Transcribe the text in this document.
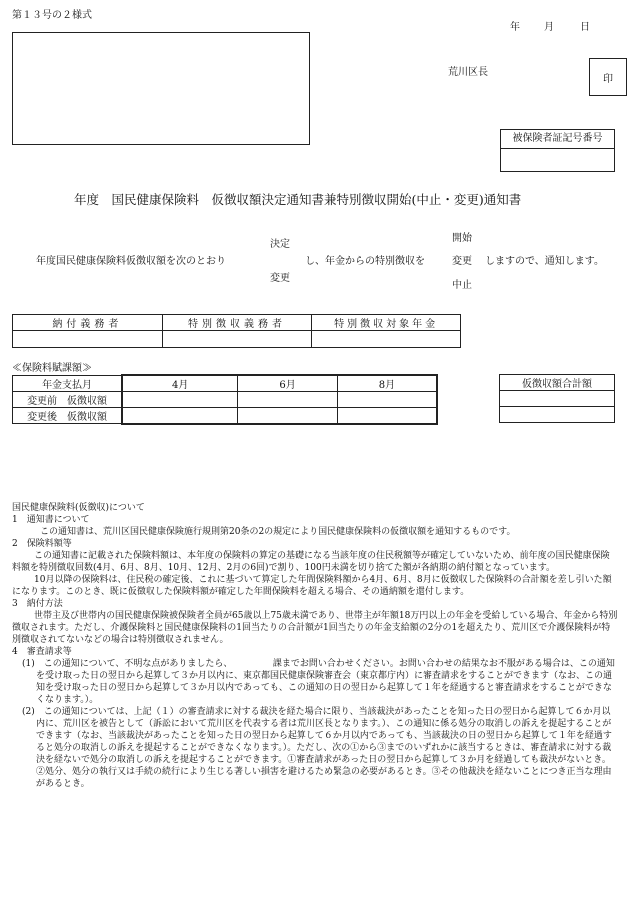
第１３号の２様式
年 月	日
荒川区長
印
被保険者証記号番号
年度　国民健康保険料　仮徴収額決定通知書兼特別徴収開始(中止・変更)通知書
年度国民健康保険料仮徴収額を次のとおり
決定
変更
し、年金からの特別徴収を
開始
変更
中止
しますので、通知します。
納付義務者	特別徴収義務者	特別徴収対象年金

≪保険料賦課額≫
年金支払月	4月	6月	8月
変更前　仮徴収額			
変更後　仮徴収額			
仮徴収額合計額

国民健康保険料(仮徴収)について

1　通知書について

この通知書は、荒川区国民健康保険施行規則第20条の2の規定により国民健康保険料の仮徴収額を通知するものです。

2　保険料額等

この通知書に記載された保険料額は、本年度の保険料の算定の基礎になる当該年度の住民税額等が確定していないため、前年度の国民健康保険料額を特別徴収回数(4月、6月、8月、10月、12月、2月の6回)で割り、100円未満を切り捨てた額が各納期の納付額となっています。

10月以降の保険料は、住民税の確定後、これに基づいて算定した年間保険料額から4月、6月、8月に仮徴収した保険料の合計額を差し引いた額になります。このとき、既に仮徴収した保険料額が確定した年間保険料を超える場合、その過納額を還付します。

3　納付方法

世帯主及び世帯内の国民健康保険被保険者全員が65歳以上75歳未満であり、世帯主が年額18万円以上の年金を受給している場合、年金から特別徴収されます。ただし、介護保険料と国民健康保険料の1回当たりの合計額が1回当たりの年金支給額の2分の1を超えたり、荒川区で介護保険料が特別徴収されてないなどの場合は特別徴収されません。

4　審査請求等

(1)　この通知について、不明な点がありましたら、　　　　　課までお問い合わせください。お問い合わせの結果なお不服がある場合は、この通知を受け取った日の翌日から起算して３か月以内に、東京都国民健康保険審査会（東京都庁内）に審査請求をすることができます（なお、この通知を受け取った日の翌日から起算して３か月以内であっても、この通知の日の翌日から起算して１年を経過すると審査請求をすることができなくなります。）。

(2)　この通知については、上記（１）の審査請求に対する裁決を経た場合に限り、当該裁決があったことを知った日の翌日から起算して６か月以内に、荒川区を被告として（訴訟において荒川区を代表する者は荒川区長となります。）、この通知に係る処分の取消しの訴えを提起することができます（なお、当該裁決があったことを知った日の翌日から起算して６か月以内であっても、当該裁決の日の翌日から起算して１年を経過すると処分の取消しの訴えを提起することができなくなります。）。ただし、次の①から③までのいずれかに該当するときは、審査請求に対する裁決を経ないで処分の取消しの訴えを提起することができます。①審査請求があった日の翌日から起算して３か月を経過しても裁決がないとき。②処分、処分の執行又は手続の続行により生じる著しい損害を避けるため緊急の必要があるとき。③その他裁決を経ないことにつき正当な理由があるとき。
